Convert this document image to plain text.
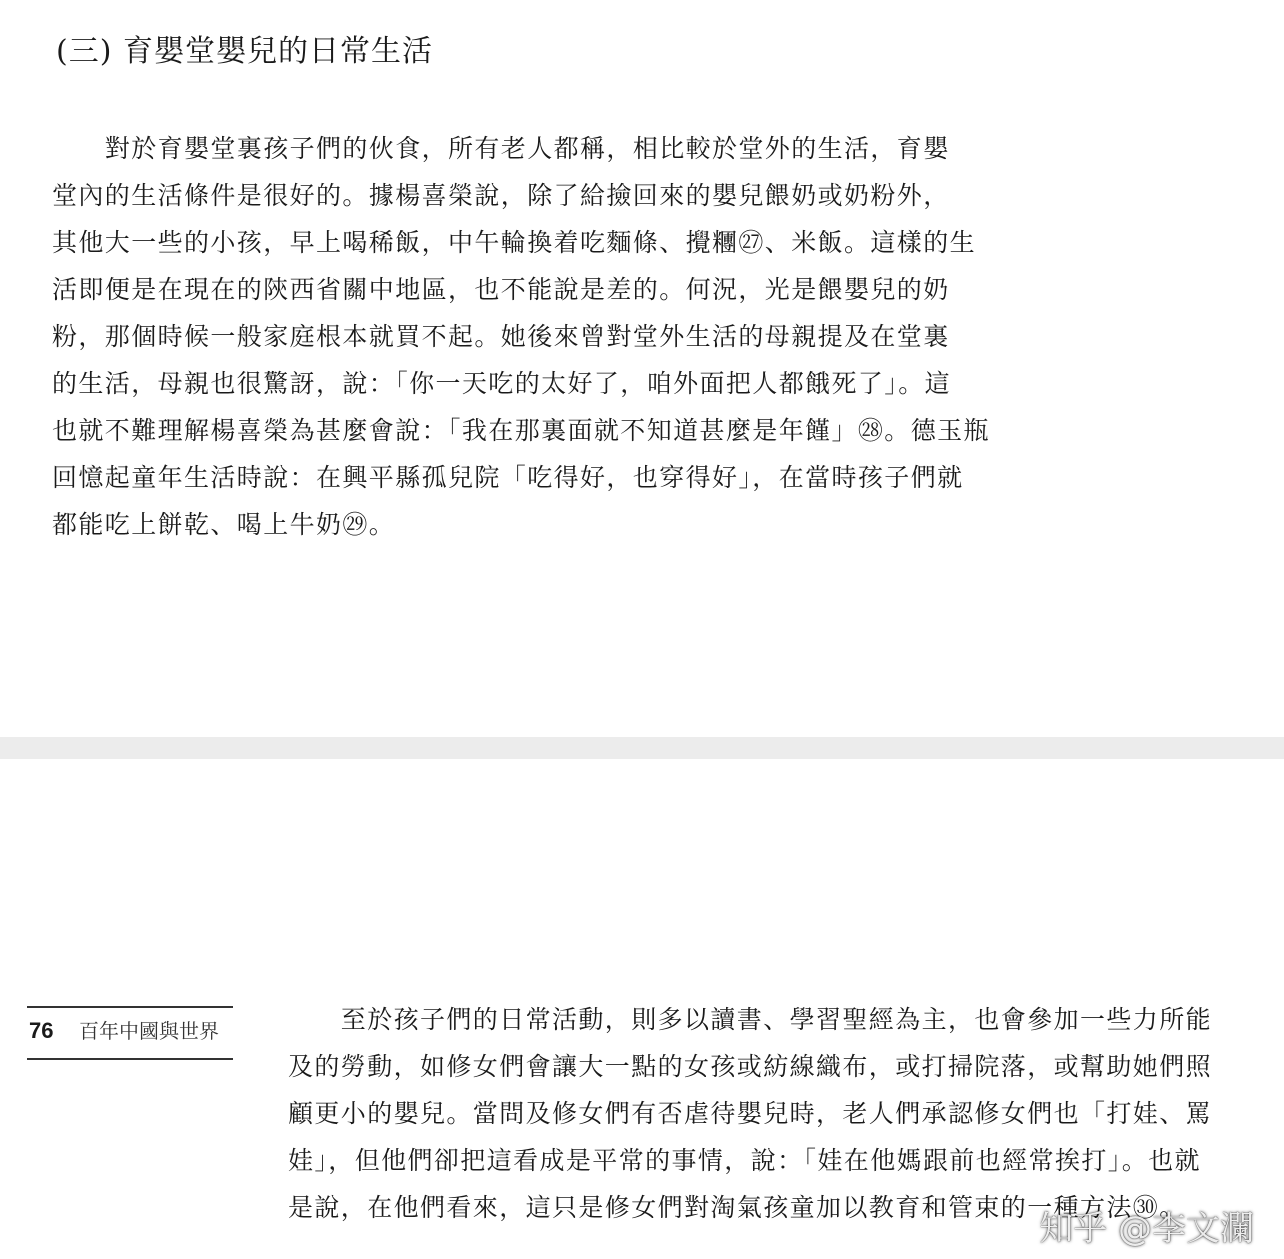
(三) 育嬰堂嬰兒的日常生活

　　對於育嬰堂裏孩子們的伙食，所有老人都稱，相比較於堂外的生活，育嬰
堂內的生活條件是很好的。據楊喜榮說，除了給撿回來的嬰兒餵奶或奶粉外，
其他大一些的小孩，早上喝稀飯，中午輪換着吃麵條、攪糰㉗、米飯。這樣的生
活即便是在現在的陝西省關中地區，也不能說是差的。何況，光是餵嬰兒的奶
粉，那個時候一般家庭根本就買不起。她後來曾對堂外生活的母親提及在堂裏
的生活，母親也很驚訝，說：「你一天吃的太好了，咱外面把人都餓死了」。這
也就不難理解楊喜榮為甚麼會說：「我在那裏面就不知道甚麼是年饉」㉘。德玉瓶
回憶起童年生活時說：在興平縣孤兒院「吃得好，也穿得好」，在當時孩子們就
都能吃上餅乾、喝上牛奶㉙。

76 百年中國與世界	　　至於孩子們的日常活動，則多以讀書、學習聖經為主，也會參加一些力所能
及的勞動，如修女們會讓大一點的女孩或紡線織布，或打掃院落，或幫助她們照
顧更小的嬰兒。當問及修女們有否虐待嬰兒時，老人們承認修女們也「打娃、罵
娃」，但他們卻把這看成是平常的事情，說：「娃在他媽跟前也經常挨打」。也就
是說，在他們看來，這只是修女們對淘氣孩童加以教育和管束的一種方法㉚。

知乎 @李文瀾
